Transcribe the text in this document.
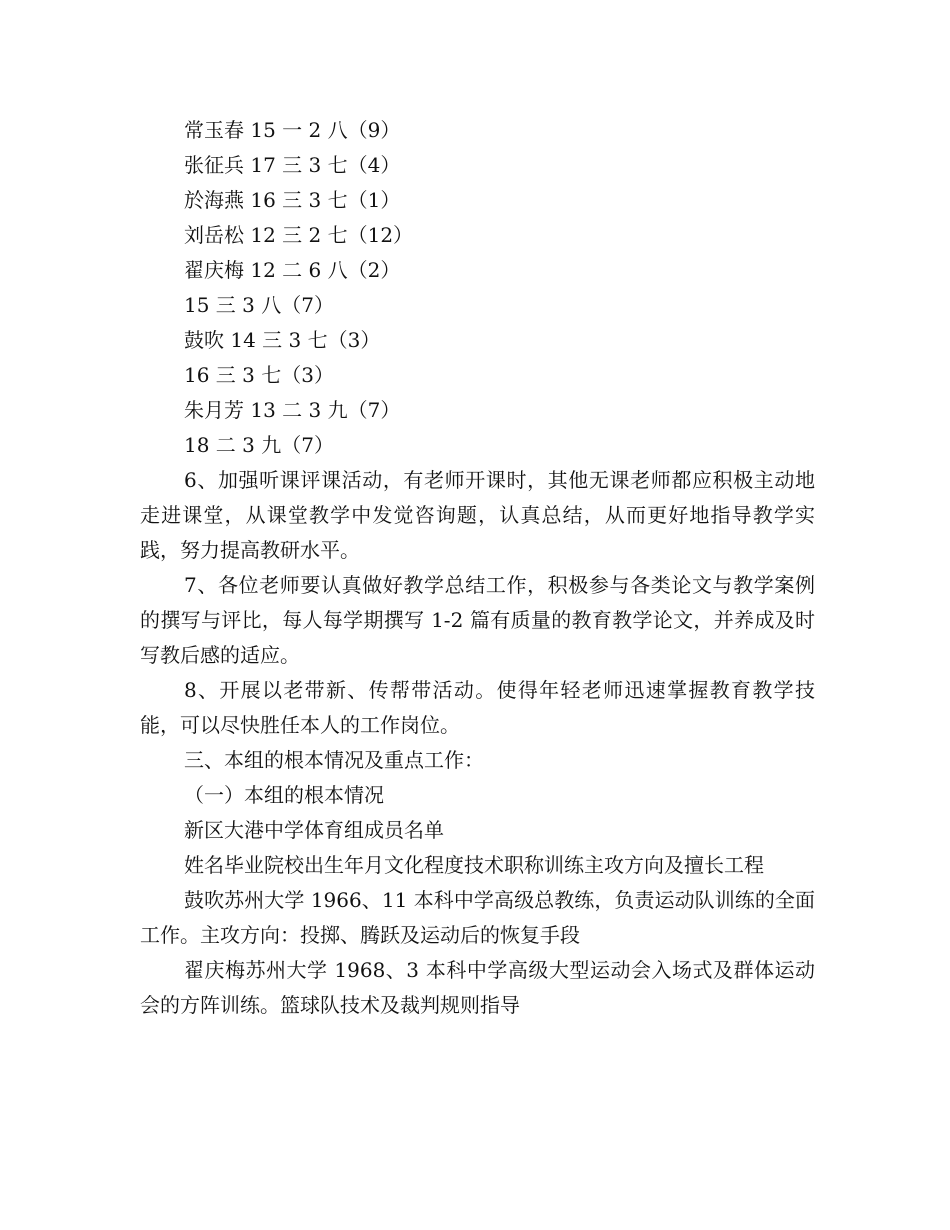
常玉春 15 一 2 八（9）
张征兵 17 三 3 七（4）
於海燕 16 三 3 七（1）
刘岳松 12 三 2 七（12）
翟庆梅 12 二 6 八（2）
15 三 3 八（7）
鼓吹 14 三 3 七（3）
16 三 3 七（3）
朱月芳 13 二 3 九（7）
18 二 3 九（7）

6、加强听课评课活动，有老师开课时，其他无课老师都应积极主动地走进课堂，从课堂教学中发觉咨询题，认真总结，从而更好地指导教学实践，努力提高教研水平。

7、各位老师要认真做好教学总结工作，积极参与各类论文与教学案例的撰写与评比，每人每学期撰写 1-2 篇有质量的教育教学论文，并养成及时写教后感的适应。

8、开展以老带新、传帮带活动。使得年轻老师迅速掌握教育教学技能，可以尽快胜任本人的工作岗位。

三、本组的根本情况及重点工作：

（一）本组的根本情况

新区大港中学体育组成员名单

姓名毕业院校出生年月文化程度技术职称训练主攻方向及擅长工程

鼓吹苏州大学 1966、11 本科中学高级总教练，负责运动队训练的全面工作。主攻方向：投掷、腾跃及运动后的恢复手段

翟庆梅苏州大学 1968、3 本科中学高级大型运动会入场式及群体运动会的方阵训练。篮球队技术及裁判规则指导
